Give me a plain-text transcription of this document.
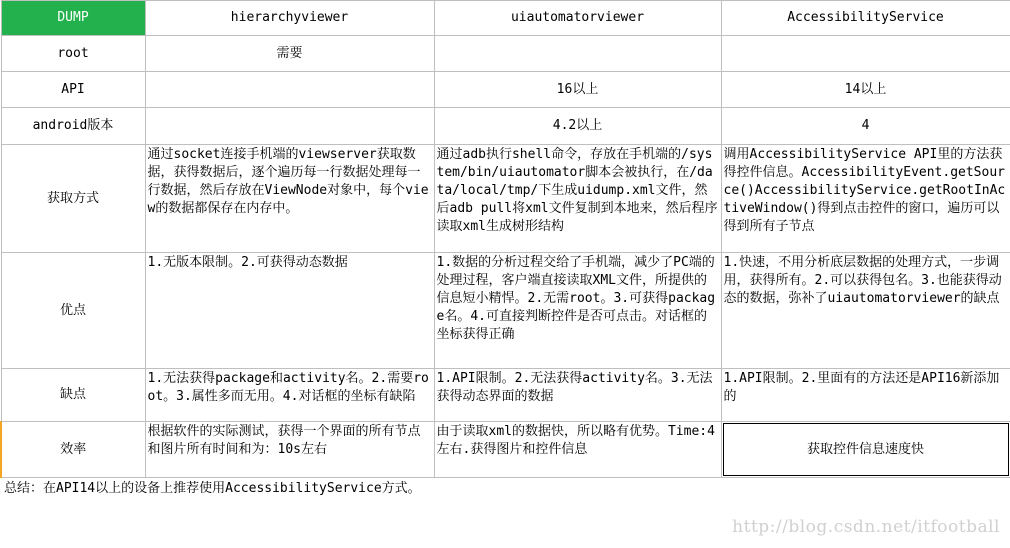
DUMP	hierarchyviewer	uiautomatorviewer	AccessibilityService
root	需要		
API		16以上	14以上
android版本		4.2以上	4
获取方式	通过socket连接手机端的viewserver获取数据，获得数据后，逐个遍历每一行数据处理每一行数据，然后存放在ViewNode对象中，每个view的数据都保存在内存中。	通过adb执行shell命令，存放在手机端的/system/bin/uiautomator脚本会被执行，在/data/local/tmp/下生成uidump.xml文件，然后adb pull将xml文件复制到本地来，然后程序读取xml生成树形结构	调用AccessibilityService API里的方法获得控件信息。AccessibilityEvent.getSource()AccessibilityService.getRootInActiveWindow()得到点击控件的窗口，遍历可以得到所有子节点
优点	1.无版本限制。2.可获得动态数据	1.数据的分析过程交给了手机端，减少了PC端的处理过程，客户端直接读取XML文件，所提供的信息短小精悍。2.无需root。3.可获得package名。4.可直接判断控件是否可点击。对话框的坐标获得正确	1.快速，不用分析底层数据的处理方式，一步调用，获得所有。2.可以获得包名。3.也能获得动态的数据，弥补了uiautomatorviewer的缺点
缺点	1.无法获得package和activity名。2.需要root。3.属性多而无用。4.对话框的坐标有缺陷	1.API限制。2.无法获得activity名。3.无法获得动态界面的数据	1.API限制。2.里面有的方法还是API16新添加的
效率	根据软件的实际测试，获得一个界面的所有节点和图片所有时间和为：10s左右	由于读取xml的数据快，所以略有优势。Time:4左右.获得图片和控件信息	获取控件信息速度快
总结：在API14以上的设备上推荐使用AccessibilityService方式。
http://blog.csdn.net/itfootball
